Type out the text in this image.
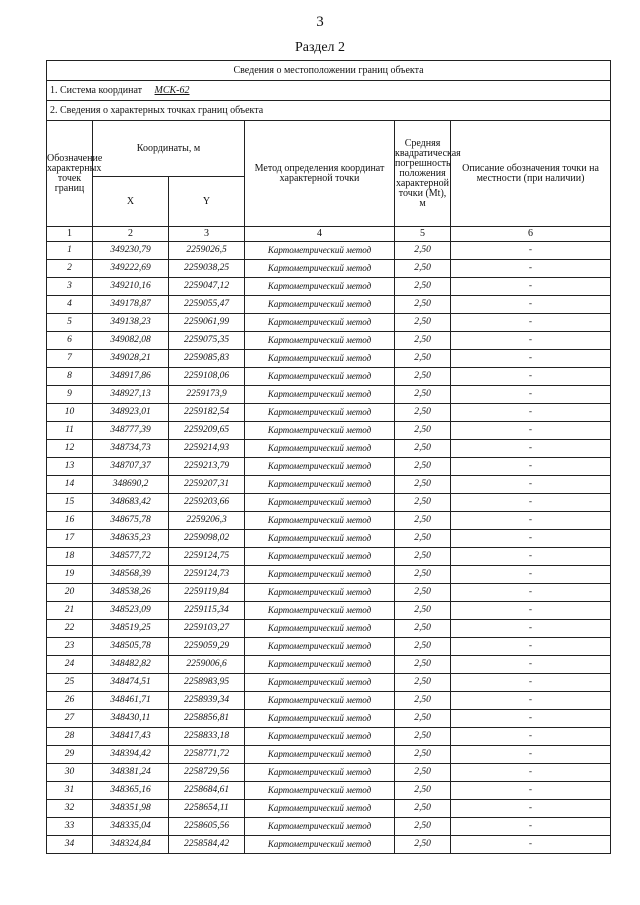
3
Раздел 2
Сведения о местоположении границ объекта					
1. Система координат МСК-62					
2. Сведения о характерных точках границ объекта					
Обозначение характерных точек границ	Координаты, м		Метод определения координат характерной точки	Средняя квадратическая погрешность положения характерной точки (Mt), м	Описание обозначения точки на местности (при наличии)
	X	Y			
1	2	3	4	5	6
1	349230,79	2259026,5	Картометрический метод	2,50	-
2	349222,69	2259038,25	Картометрический метод	2,50	-
3	349210,16	2259047,12	Картометрический метод	2,50	-
4	349178,87	2259055,47	Картометрический метод	2,50	-
5	349138,23	2259061,99	Картометрический метод	2,50	-
6	349082,08	2259075,35	Картометрический метод	2,50	-
7	349028,21	2259085,83	Картометрический метод	2,50	-
8	348917,86	2259108,06	Картометрический метод	2,50	-
9	348927,13	2259173,9	Картометрический метод	2,50	-
10	348923,01	2259182,54	Картометрический метод	2,50	-
11	348777,39	2259209,65	Картометрический метод	2,50	-
12	348734,73	2259214,93	Картометрический метод	2,50	-
13	348707,37	2259213,79	Картометрический метод	2,50	-
14	348690,2	2259207,31	Картометрический метод	2,50	-
15	348683,42	2259203,66	Картометрический метод	2,50	-
16	348675,78	2259206,3	Картометрический метод	2,50	-
17	348635,23	2259098,02	Картометрический метод	2,50	-
18	348577,72	2259124,75	Картометрический метод	2,50	-
19	348568,39	2259124,73	Картометрический метод	2,50	-
20	348538,26	2259119,84	Картометрический метод	2,50	-
21	348523,09	2259115,34	Картометрический метод	2,50	-
22	348519,25	2259103,27	Картометрический метод	2,50	-
23	348505,78	2259059,29	Картометрический метод	2,50	-
24	348482,82	2259006,6	Картометрический метод	2,50	-
25	348474,51	2258983,95	Картометрический метод	2,50	-
26	348461,71	2258939,34	Картометрический метод	2,50	-
27	348430,11	2258856,81	Картометрический метод	2,50	-
28	348417,43	2258833,18	Картометрический метод	2,50	-
29	348394,42	2258771,72	Картометрический метод	2,50	-
30	348381,24	2258729,56	Картометрический метод	2,50	-
31	348365,16	2258684,61	Картометрический метод	2,50	-
32	348351,98	2258654,11	Картометрический метод	2,50	-
33	348335,04	2258605,56	Картометрический метод	2,50	-
34	348324,84	2258584,42	Картометрический метод	2,50	-
